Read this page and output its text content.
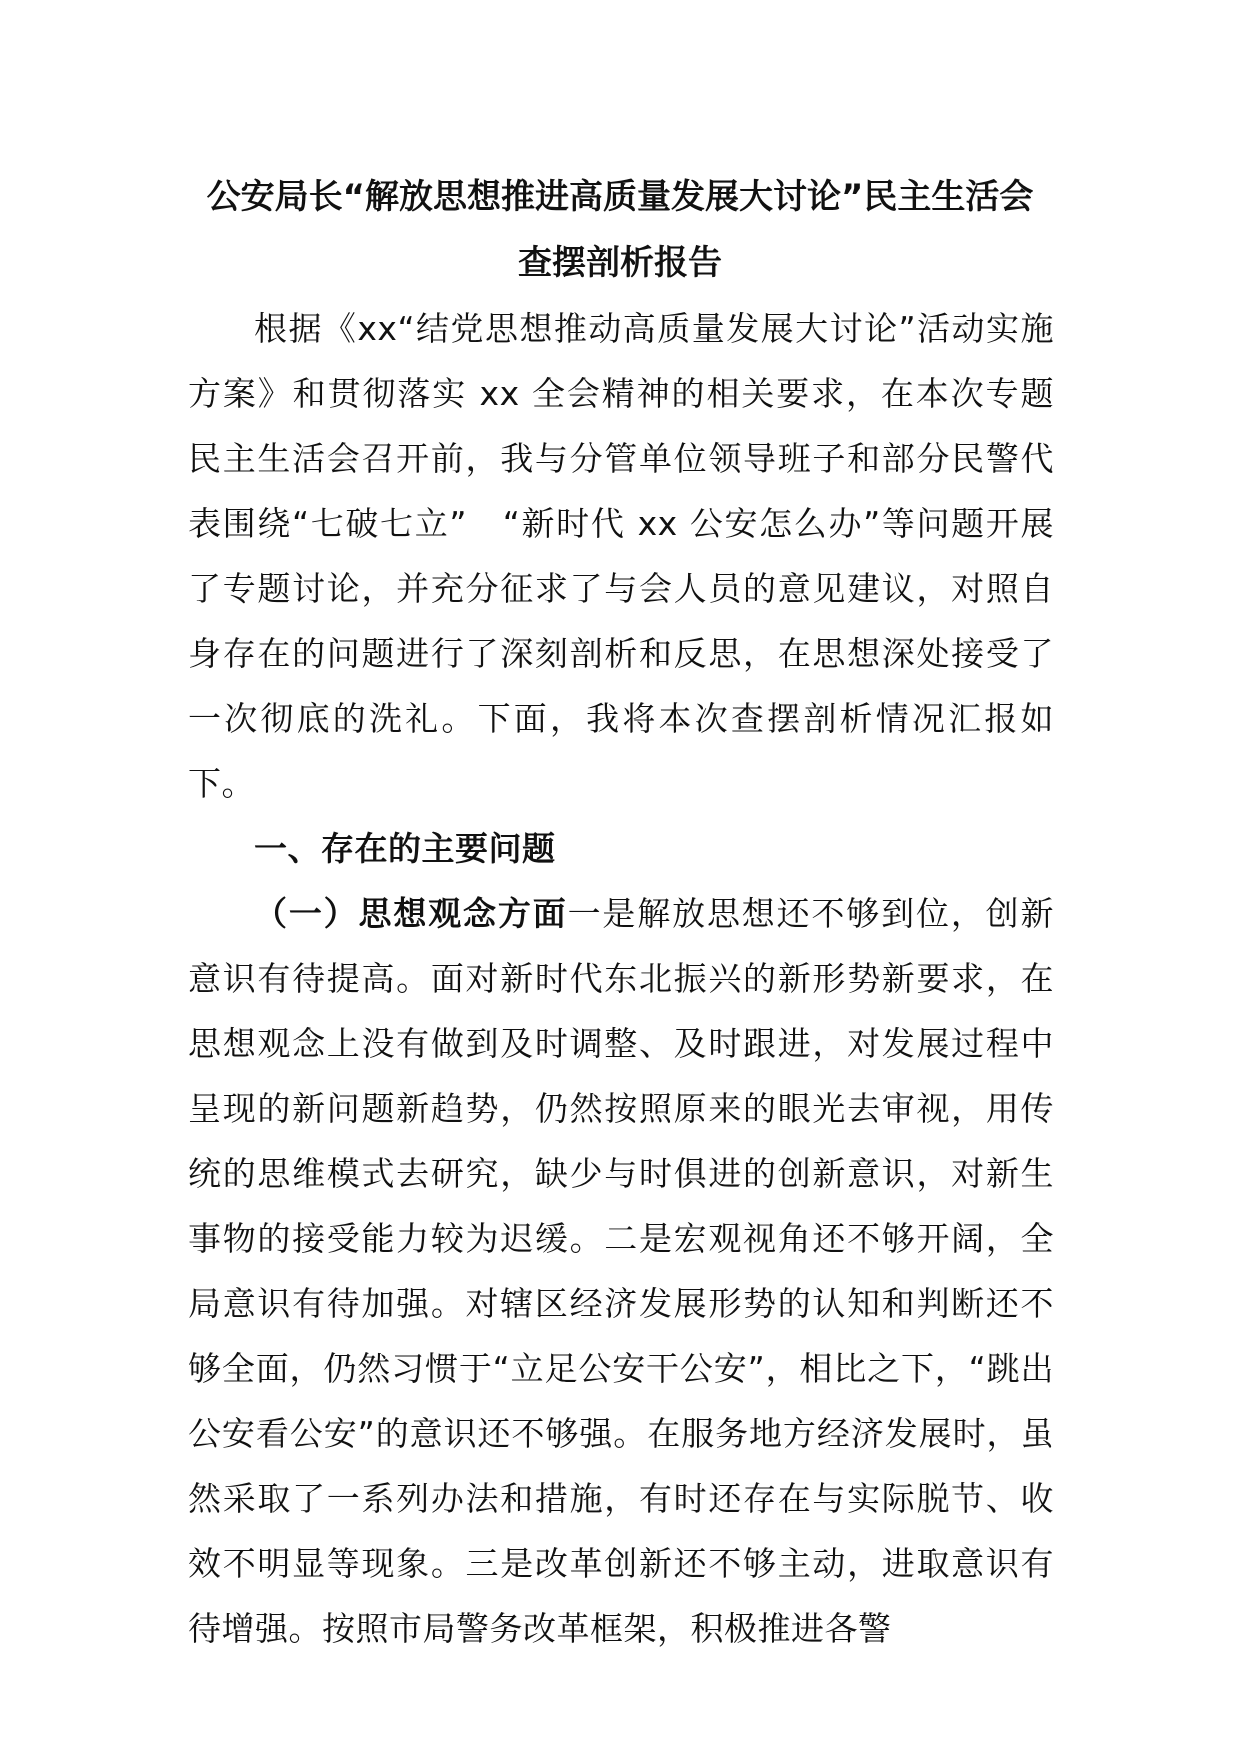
公安局长“解放思想推进高质量发展大讨论”民主生活会
查摆剖析报告

根据《xx“结党思想推动高质量发展大讨论”活动实施方案》和贯彻落实 xx 全会精神的相关要求，在本次专题民主生活会召开前，我与分管单位领导班子和部分民警代表围绕“七破七立”　“新时代 xx 公安怎么办”等问题开展了专题讨论，并充分征求了与会人员的意见建议，对照自身存在的问题进行了深刻剖析和反思，在思想深处接受了一次彻底的洗礼。下面，我将本次查摆剖析情况汇报如下。

一、存在的主要问题

（一）思想观念方面一是解放思想还不够到位，创新意识有待提高。面对新时代东北振兴的新形势新要求，在思想观念上没有做到及时调整、及时跟进，对发展过程中呈现的新问题新趋势，仍然按照原来的眼光去审视，用传统的思维模式去研究，缺少与时俱进的创新意识，对新生事物的接受能力较为迟缓。二是宏观视角还不够开阔，全局意识有待加强。对辖区经济发展形势的认知和判断还不够全面，仍然习惯于“立足公安干公安”，相比之下，“跳出公安看公安”的意识还不够强。在服务地方经济发展时，虽然采取了一系列办法和措施，有时还存在与实际脱节、收效不明显等现象。三是改革创新还不够主动，进取意识有待增强。按照市局警务改革框架，积极推进各警
